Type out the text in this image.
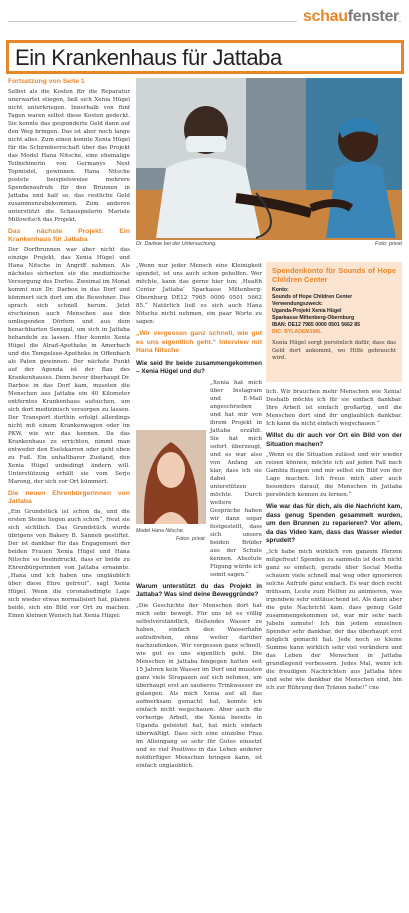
schaufenster
Ein Krankenhaus für Jattaba
Dr. Darboe bei der Untersuchung.	Foto: privat
Fortsetzung von Seite 1

Selbst als die Kosten für die Reparatur unerwartet stiegen, ließ sich Xenia Hügel nicht unterkriegen. Innerhalb von fünf Tagen waren selbst diese Kosten gedeckt. Sie konnte das gesponderte Geld dann auf den Weg bringen. Das ist aber noch lange nicht alles. Zum einen konnte Xenia Hügel für die Schirmherrschaft über das Projekt das Model Hana Nitsche, eine ehemalige Teilnehmerin von Germanys Next Topmodel, gewinnen. Hana Nitsche postete beispielsweise mehrere Spendenaufrufe für den Brunnen in Jattaba und half so, das restliche Geld zusammenzubekommen. Zum anderen unterstützt die Schauspielerin Mariele Millowitsch das Projekt.

Das nächste Projekt: Ein Krankenhaus für Jattaba

Der Dorfbrunnen war aber nicht das einzige Projekt, das Xenia Hügel und Hana Nitsche in Angriff nahmen. Als nächstes sicherten sie die medizinische Versorgung des Dorfes. Zweimal im Monat kommt nun Dr. Darboe in das Dorf und kümmert sich dort um die Bewohner. Das sprach sich schnell herum. Jetzt erscheinen auch Menschen aus den umliegenden Dörfern und aus dem benachbarten Senegal, um sich in Jattaba behandeln zu lassen. Hier konnte Xenia Hügel die Alrad-Apotheke in Amerbach und die Tempelsee-Apotheke in Offenbach als Paten gewinnen. Der nächste Punkt auf der Agenda ist der Bau des Krankenhauses. Denn bevor überhaupt Dr. Darboe in das Dorf kam, mussten die Menschen aus Jattaba ein 40 Kilometer entferntes Krankenhaus aufsuchen, um sich dort medizinisch versorgen zu lassen. Der Transport dorthin erfolgt allerdings nicht mit einem Krankenwagen oder im PKW, wie wir das kennen. Da das Krankenhaus zu errichten, nimmt man entweder den Eselskarren oder geht eben zu Fuß. Ein unhaltbarer Zustand, den Xenia Hügel unbedingt ändern will. Unterstützung erhält sie vom Serjo Marong, der sich vor Ort kümmert.

Die neuen Ehrenbürgerinnen von Jattaba

„Ein Grundstück ist schon da, und die ersten Steine liegen auch schon“, freut sie sich sichtlich. Das Grundstück wurde übrigens von Bakery B. Sanneh gestiftet. Der ist dankbar für das Engagement der beiden Frauen Xenia Hügel und Hana Nitsche so beeindruckt, dass er beide zu Ehrenbürgerinnen von Jattaba ernannte. „Hana und ich haben uns ungläublich über diese Ehre gefreut“, sagt Xenia Hügel. Wenn die coronabedingte Lage sich wieder etwas normalisiert hat, planen beide, sich ein Bild vor Ort zu machen. Einen kleinen Wunsch hat Xenia Hügel:

„Wenn nur jeder Mensch eine Kleinigkeit spendet, ist uns auch schon geholfen. Wer möchte, kann das gerne hier tun: ‚Health Center Jattaba‘ Sparkasse Miltenberg-Obernburg DE12 7965 0000 0501 5662 85.“ Natürlich ließ es sich auch Hana Nitsche nicht nehmen, ein paar Worte zu sagen:

„Wir vergessen ganz schnell, wie gut es uns eigentlich geht.“ Interview mit Hana Nitsche

Wie seid Ihr beide zusammengekommen – Xenia Hügel und du?

„Xenia hat mich über Instagram und E-Mail angeschrieben und hat mir von ihrem Projekt in Jattaba erzählt. Sie hat mich sofort überzeugt, und es war also von Anfang an klar, dass ich sie dabei unterstützen möchte. Durch weitere Gespräche haben wir dann sogar festgestellt, dass sich unsere beiden Brüder aus der Schule kennen. Absolute Fügung würde ich somit sagen.“

Warum unterstützt du das Projekt in Jattaba? Was sind deine Beweggründe?

„Die Geschichte der Menschen dort hat mich sehr bewegt. Für uns ist es völlig selbstverständlich, fließendes Wasser zu haben, einfach den Wasserhahn aufzudrehen, ohne weiter darüber nachzudenken. Wir vergessen ganz schnell, wie gut es uns eigentlich geht. Die Menschen in Jattaba hingegen hatten seit 15 Jahren kein Wasser im Dorf und mussten ganz viele Strapazen auf sich nehmen, um überhaupt erst an sauberes Trinkwasser zu gelangen. Als mich Xenia auf all das aufmerksam gemacht hat, konnte ich einfach nicht wegschauen. Aber auch die vorherige Arbeit, die Xenia bereits in Uganda geleistet hat, hat mich einfach überwältigt. Dass sich eine einzelne Frau im Alleingang so sehr für Gutes einsetzt und so viel Positives in das Leben anderer notdürftiger Menschen bringen kann, ist einfach unglaublich.

Model Hana Nitsche.
Fotos: privat
Spendenkonto für Sounds of Hope Children Center
Konto:
Sounds of Hope Children Center
Verwendungszweck:
Uganda-Projekt Xenia Hügel
Sparkasse Miltenberg-Obernburg
IBAN: DE12 7965 0000 0501 5662 85
BIC: BYLADEM1MIL
Xenia Hügel sorgt persönlich dafür, dass das Geld dort ankommt, wo Hilfe gebraucht wird.

lich. Wir brauchen mehr Menschen wie Xenia! Deshalb möchte ich für sie einfach dankbar. Ihre Arbeit ist einfach großartig, und die Menschen dort sind ihr unglaublich dankbar. Ich kann da nicht einfach wegschauen.“

Willst du dir auch vor Ort ein Bild von der Situation machen?

„Wenn es die Situation zulässt und wir wieder reisen können, möchte ich auf jeden Fall nach Gambia fliegen und mir selbst ein Bild von der Lage machen. Ich freue mich aber auch besonders darauf, die Menschen in Jattaba persönlich kennen zu lernen.“

Wie war das für dich, als die Nachricht kam, dass genug Spenden gesammelt wurden, um den Brunnen zu reparieren? Vor allem, da das Video kam, dass das Wasser wieder sprudelt?

„Ich habe mich wirklich von ganzem Herzen mitgefreut! Spenden zu sammeln ist doch nicht ganz so einfach, gerade über Social Media schauen viele schnell mal weg oder ignorieren solche Aufrufe ganz einfach. Es war doch recht mühsam, Leute zum Helfen zu animieren, was irgendwie sehr enttäuschend ist. Als dann aber die gute Nachricht kam, dass genug Geld zusammengekommen ist, war mir sehr nach Jubeln zumute! Ich bin jedem einzelnen Spender sehr dankbar, der das überhaupt erst möglich gemacht hat. Jede noch so kleine Summe kann wirklich sehr viel verändern und das Leben der Menschen in Jattaba grundlegend verbessern. Jedes Mal, wenn ich die freudigen Nachrichten aus Jattaba höre und sehe wie dankbar die Menschen sind, bin ich zur Rührung den Tränen nahe!“ cne
